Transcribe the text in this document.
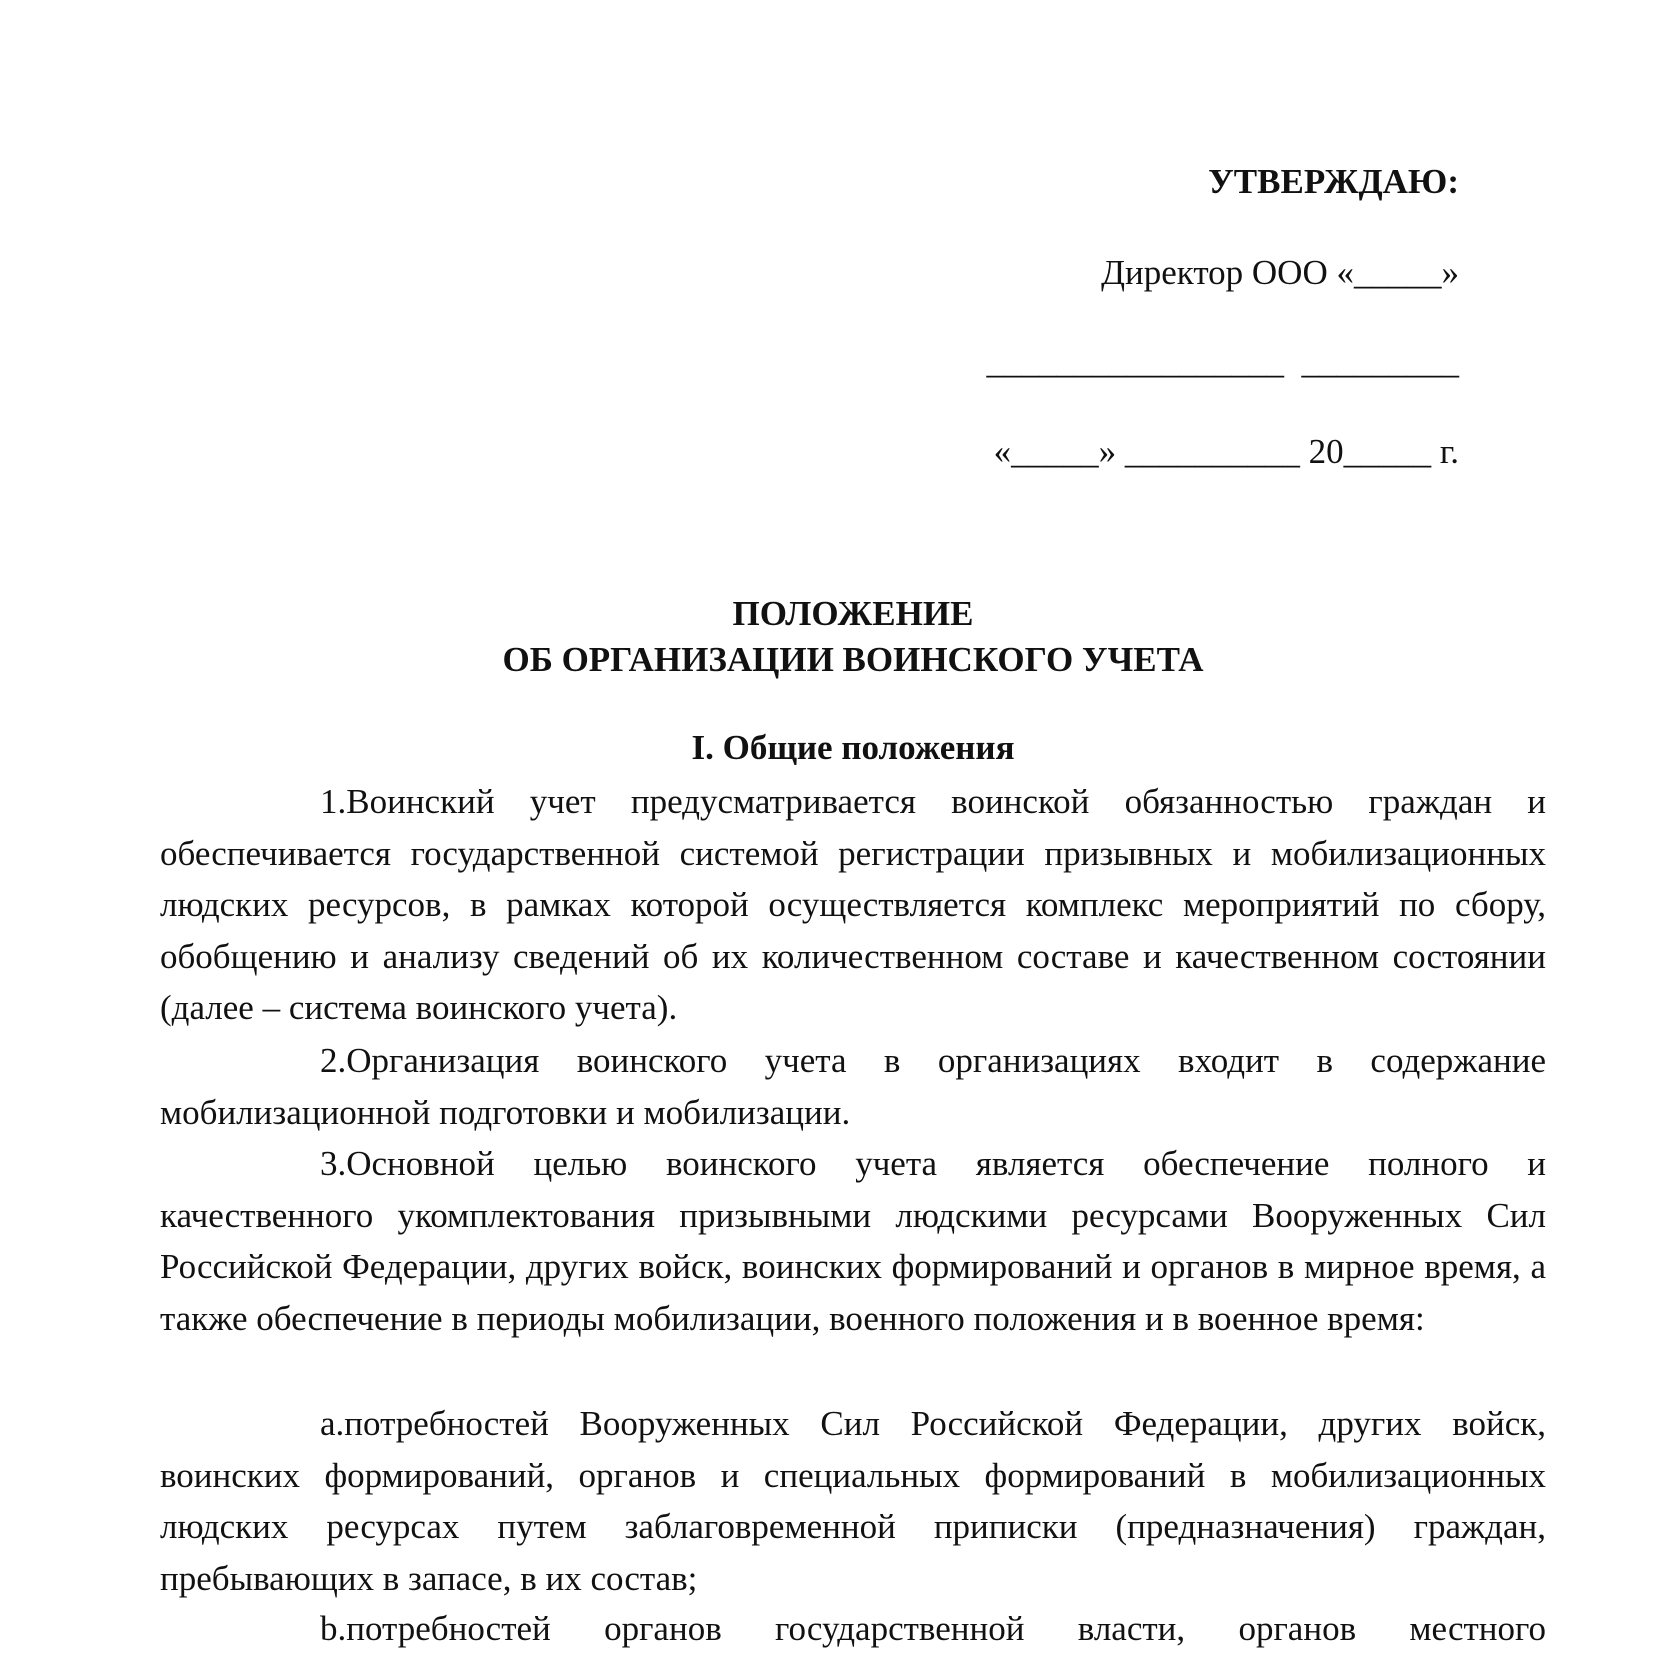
УТВЕРЖДАЮ:
Директор ООО «_____»
_________________  _________
«_____» __________ 20_____ г.
ПОЛОЖЕНИЕ
ОБ ОРГАНИЗАЦИИ ВОИНСКОГО УЧЕТА
I. Общие положения

1.Воинский учет предусматривается воинской обязанностью граждан и обеспечивается государственной системой регистрации призывных и мобилизационных людских ресурсов, в рамках которой осуществляется комплекс мероприятий по сбору, обобщению и анализу сведений об их количественном составе и качественном состоянии (далее – система воинского учета).

2.Организация воинского учета в организациях входит в содержание мобилизационной подготовки и мобилизации.

3.Основной целью воинского учета является обеспечение полного и качественного укомплектования призывными людскими ресурсами Вооруженных Сил Российской Федерации, других войск, воинских формирований и органов в мирное время, а также обеспечение в периоды мобилизации, военного положения и в военное время:

a.потребностей Вооруженных Сил Российской Федерации, других войск, воинских формирований, органов и специальных формирований в мобилизационных людских ресурсах путем заблаговременной приписки (предназначения) граждан, пребывающих в запасе, в их состав;

b.потребностей органов государственной власти, органов местного
